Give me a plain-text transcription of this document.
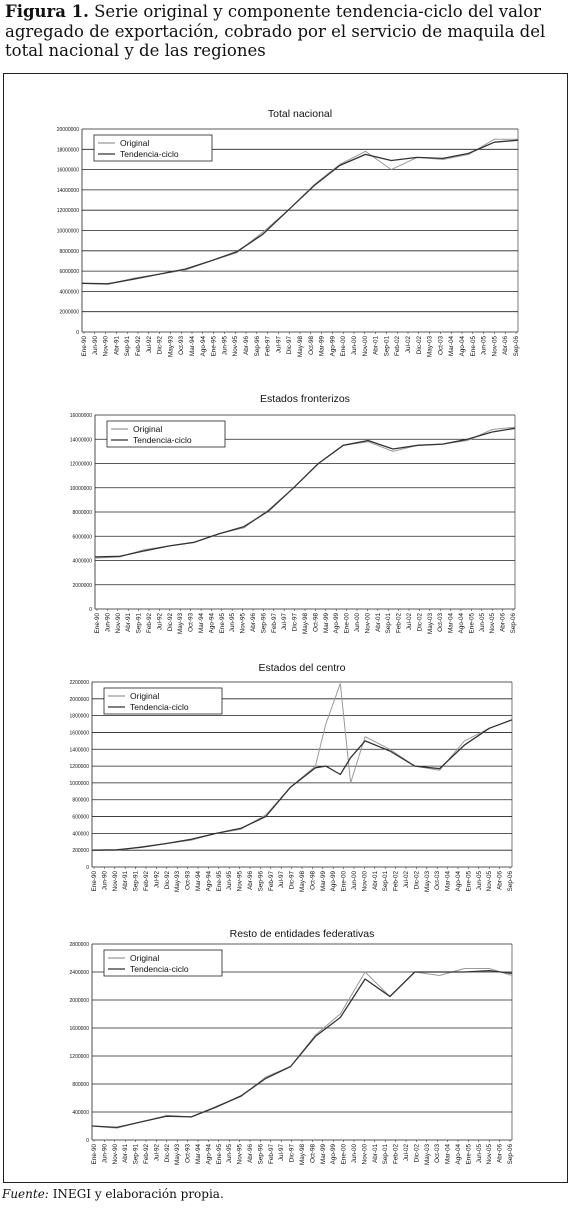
Figura 1. Serie original y componente tendencia-ciclo del valor agregado de exportación, cobrado por el servicio de maquila del total nacional y de las regiones
Total nacional
0
2000000
4000000
6000000
8000000
10000000
12000000
14000000
16000000
18000000
20000000
Ene-90 Jun-90 Nov-90 Abr-91 Sep-91 Feb-92 Jul-92 Dic-92 May-93 Oct-93 Mar-94 Ago-94 Ene-95 Jun-95 Nov-95 Abr-96 Sep-96 Feb-97 Jul-97 Dic-97 May-98 Oct-98 Mar-99 Ago-99 Ene-00 Jun-00 Nov-00 Abr-01 Sep-01 Feb-02 Jul-02 Dic-02 May-03 Oct-03 Mar-04 Ago-04 Ene-05 Jun-05 Nov-05 Abr-06 Sep-06
Original
Tendencia-ciclo
Estados fronterizos
0
2000000
4000000
6000000
8000000
10000000
12000000
14000000
16000000
Ene-90 Jun-90 Nov-90 Abr-91 Sep-91 Feb-92 Jul-92 Dic-92 May-93 Oct-93 Mar-94 Ago-94 Ene-95 Jun-95 Nov-95 Abr-96 Sep-96 Feb-97 Jul-97 Dic-97 May-98 Oct-98 Mar-99 Ago-99 Ene-00 Jun-00 Nov-00 Abr-01 Sep-01 Feb-02 Jul-02 Dic-02 May-03 Oct-03 Mar-04 Ago-04 Ene-05 Jun-05 Nov-05 Abr-06 Sep-06
Original
Tendencia-ciclo
Estados del centro
0
200000
400000
600000
800000
1000000
1200000
1400000
1600000
1800000
2000000
2200000
Ene-90 Jun-90 Nov-90 Abr-91 Sep-91 Feb-92 Jul-92 Dic-92 May-93 Oct-93 Mar-94 Ago-94 Ene-95 Jun-95 Nov-95 Abr-96 Sep-96 Feb-97 Jul-97 Dic-97 May-98 Oct-98 Mar-99 Ago-99 Ene-00 Jun-00 Nov-00 Abr-01 Sep-01 Feb-02 Jul-02 Dic-02 May-03 Oct-03 Mar-04 Ago-04 Ene-05 Jun-05 Nov-05 Abr-06 Sep-06
Original
Tendencia-ciclo
Resto de entidades federativas
0
400000
800000
1200000
1600000
2000000
2400000
2800000
Ene-90 Jun-90 Nov-90 Abr-91 Sep-91 Feb-92 Jul-92 Dic-92 May-93 Oct-93 Mar-94 Ago-94 Ene-95 Jun-95 Nov-95 Abr-96 Sep-96 Feb-97 Jul-97 Dic-97 May-98 Oct-98 Mar-99 Ago-99 Ene-00 Jun-00 Nov-00 Abr-01 Sep-01 Feb-02 Jul-02 Dic-02 May-03 Oct-03 Mar-04 Ago-04 Ene-05 Jun-05 Nov-05 Abr-06 Sep-06
Original
Tendencia-ciclo
Fuente: INEGI y elaboración propia.
